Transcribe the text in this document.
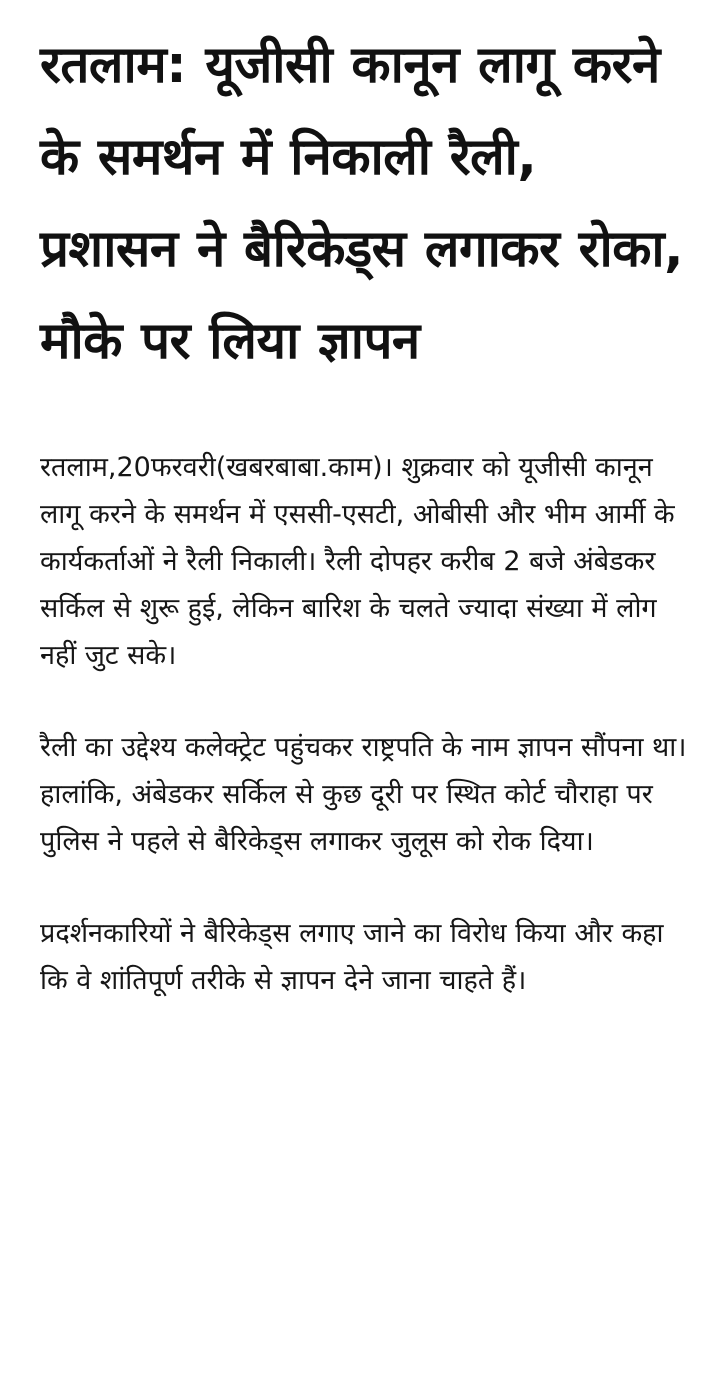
रतलाम: यूजीसी कानून लागू करने के समर्थन में निकाली रैली, प्रशासन ने बैरिकेड्स लगाकर रोका, मौके पर लिया ज्ञापन

रतलाम,20फरवरी(खबरबाबा.काम)। शुक्रवार को यूजीसी कानून लागू करने के समर्थन में एससी-एसटी, ओबीसी और भीम आर्मी के कार्यकर्ताओं ने रैली निकाली। रैली दोपहर करीब 2 बजे अंबेडकर सर्किल से शुरू हुई, लेकिन बारिश के चलते ज्यादा संख्या में लोग नहीं जुट सके।

रैली का उद्देश्य कलेक्ट्रेट पहुंचकर राष्ट्रपति के नाम ज्ञापन सौंपना था। हालांकि, अंबेडकर सर्किल से कुछ दूरी पर स्थित कोर्ट चौराहा पर पुलिस ने पहले से बैरिकेड्स लगाकर जुलूस को रोक दिया।

प्रदर्शनकारियों ने बैरिकेड्स लगाए जाने का विरोध किया और कहा कि वे शांतिपूर्ण तरीके से ज्ञापन देने जाना चाहते हैं।
